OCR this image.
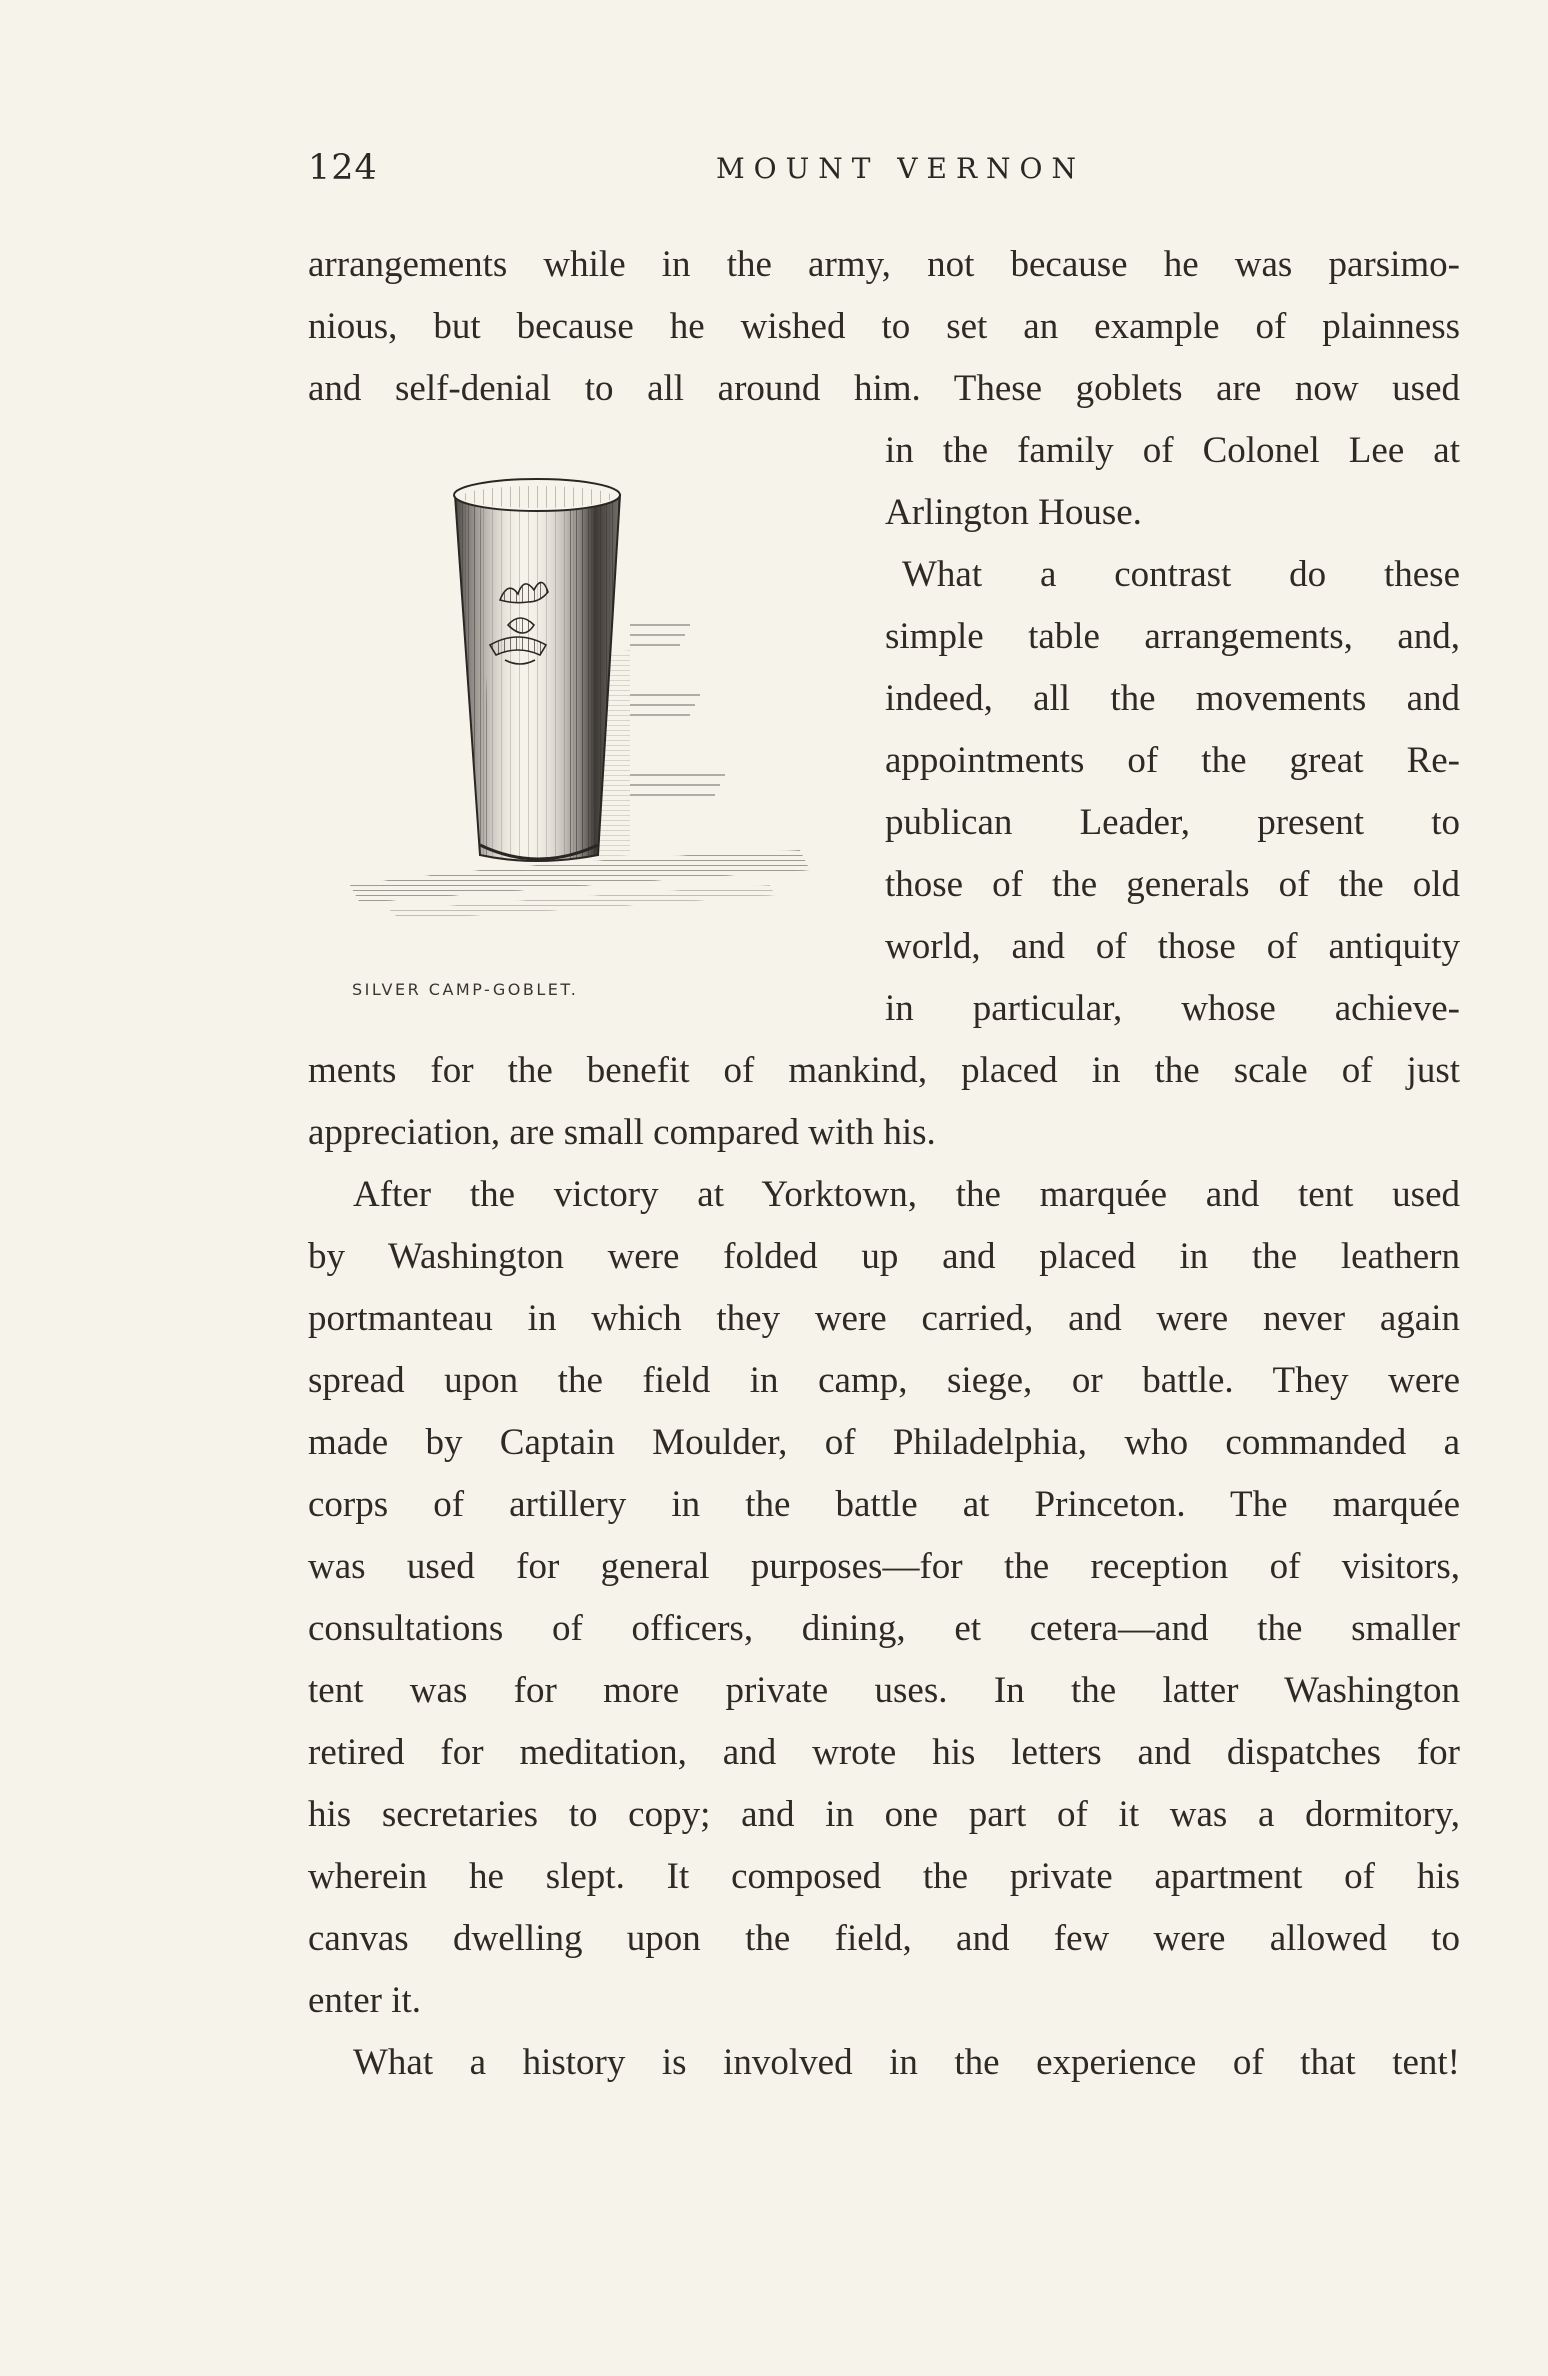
124	MOUNT VERNON
arrangements while in the army, not because he was parsimo-
nious, but because he wished to set an example of plainness
and self-denial to all around him. These goblets are now used
in the family of Colonel Lee at
Arlington House.
What a contrast do these
simple table arrangements, and,
indeed, all the movements and
appointments of the great Re-
publican Leader, present to
those of the generals of the old
world, and of those of antiquity
in particular, whose achieve-
ments for the benefit of mankind, placed in the scale of just
appreciation, are small compared with his.
After the victory at Yorktown, the marquée and tent used
by Washington were folded up and placed in the leathern
portmanteau in which they were carried, and were never again
spread upon the field in camp, siege, or battle. They were
made by Captain Moulder, of Philadelphia, who commanded a
corps of artillery in the battle at Princeton. The marquée
was used for general purposes—for the reception of visitors,
consultations of officers, dining, et cetera—and the smaller
tent was for more private uses. In the latter Washington
retired for meditation, and wrote his letters and dispatches for
his secretaries to copy; and in one part of it was a dormitory,
wherein he slept. It composed the private apartment of his
canvas dwelling upon the field, and few were allowed to
enter it.
What a history is involved in the experience of that tent!
SILVER CAMP-GOBLET.
